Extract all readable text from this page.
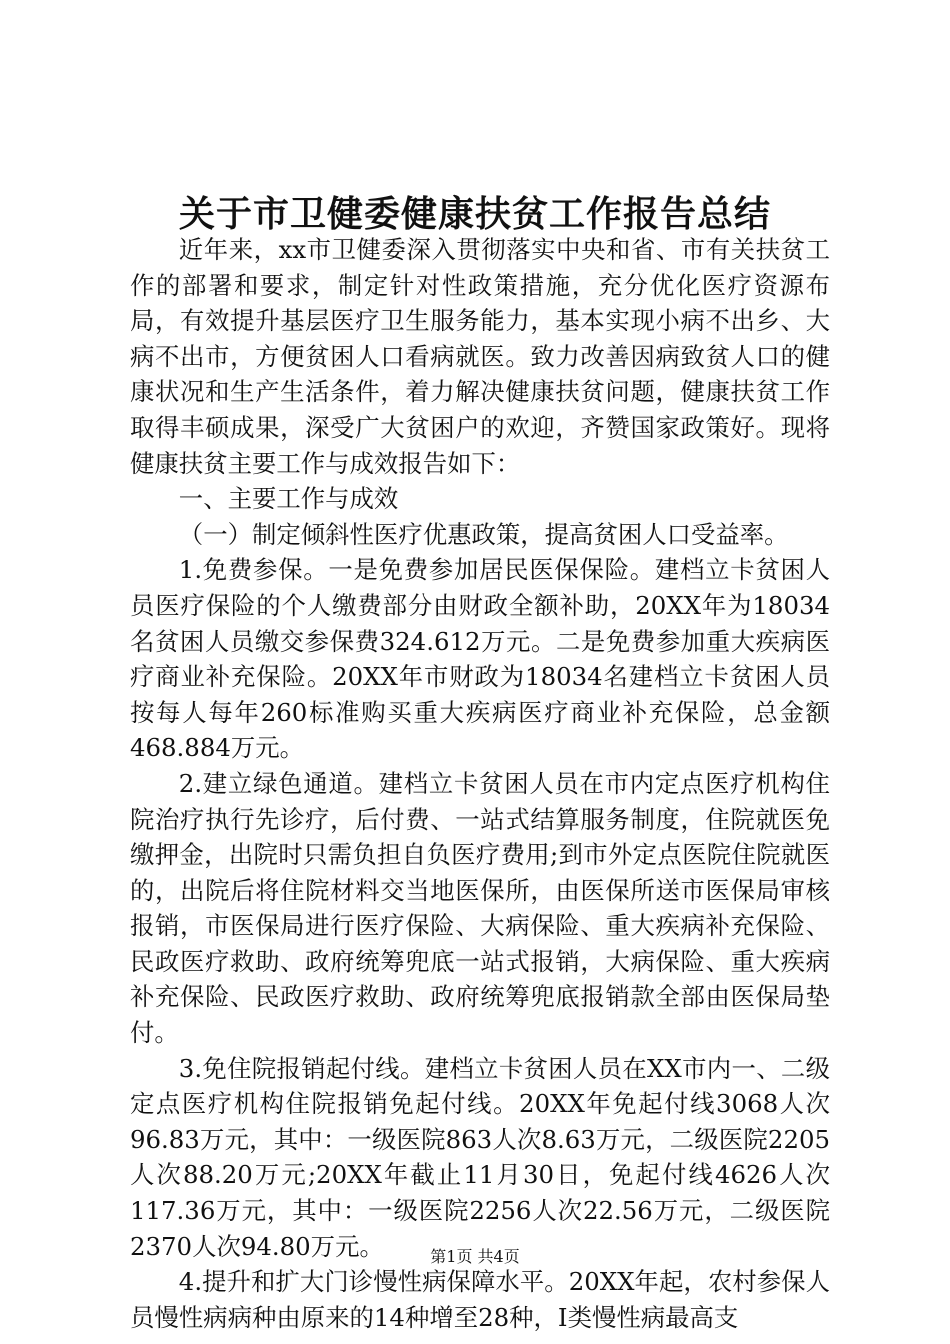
关于市卫健委健康扶贫工作报告总结

近年来，xx市卫健委深入贯彻落实中央和省、市有关扶贫工作的部署和要求，制定针对性政策措施，充分优化医疗资源布局，有效提升基层医疗卫生服务能力，基本实现小病不出乡、大病不出市，方便贫困人口看病就医。致力改善因病致贫人口的健康状况和生产生活条件，着力解决健康扶贫问题，健康扶贫工作取得丰硕成果，深受广大贫困户的欢迎，齐赞国家政策好。现将健康扶贫主要工作与成效报告如下：

一、主要工作与成效

（一）制定倾斜性医疗优惠政策，提高贫困人口受益率。

1.免费参保。一是免费参加居民医保保险。建档立卡贫困人员医疗保险的个人缴费部分由财政全额补助，20XX年为18034名贫困人员缴交参保费324.612万元。二是免费参加重大疾病医疗商业补充保险。20XX年市财政为18034名建档立卡贫困人员按每人每年260标准购买重大疾病医疗商业补充保险，总金额468.884万元。

2.建立绿色通道。建档立卡贫困人员在市内定点医疗机构住院治疗执行先诊疗，后付费、一站式结算服务制度，住院就医免缴押金，出院时只需负担自负医疗费用;到市外定点医院住院就医的，出院后将住院材料交当地医保所，由医保所送市医保局审核报销，市医保局进行医疗保险、大病保险、重大疾病补充保险、民政医疗救助、政府统筹兜底一站式报销，大病保险、重大疾病补充保险、民政医疗救助、政府统筹兜底报销款全部由医保局垫付。

3.免住院报销起付线。建档立卡贫困人员在XX市内一、二级定点医疗机构住院报销免起付线。20XX年免起付线3068人次96.83万元，其中：一级医院863人次8.63万元，二级医院2205人次88.20万元;20XX年截止11月30日，免起付线4626人次117.36万元，其中：一级医院2256人次22.56万元，二级医院2370人次94.80万元。

4.提升和扩大门诊慢性病保障水平。20XX年起，农村参保人员慢性病病种由原来的14种增至28种，Ⅰ类慢性病最高支

第1页 共4页
